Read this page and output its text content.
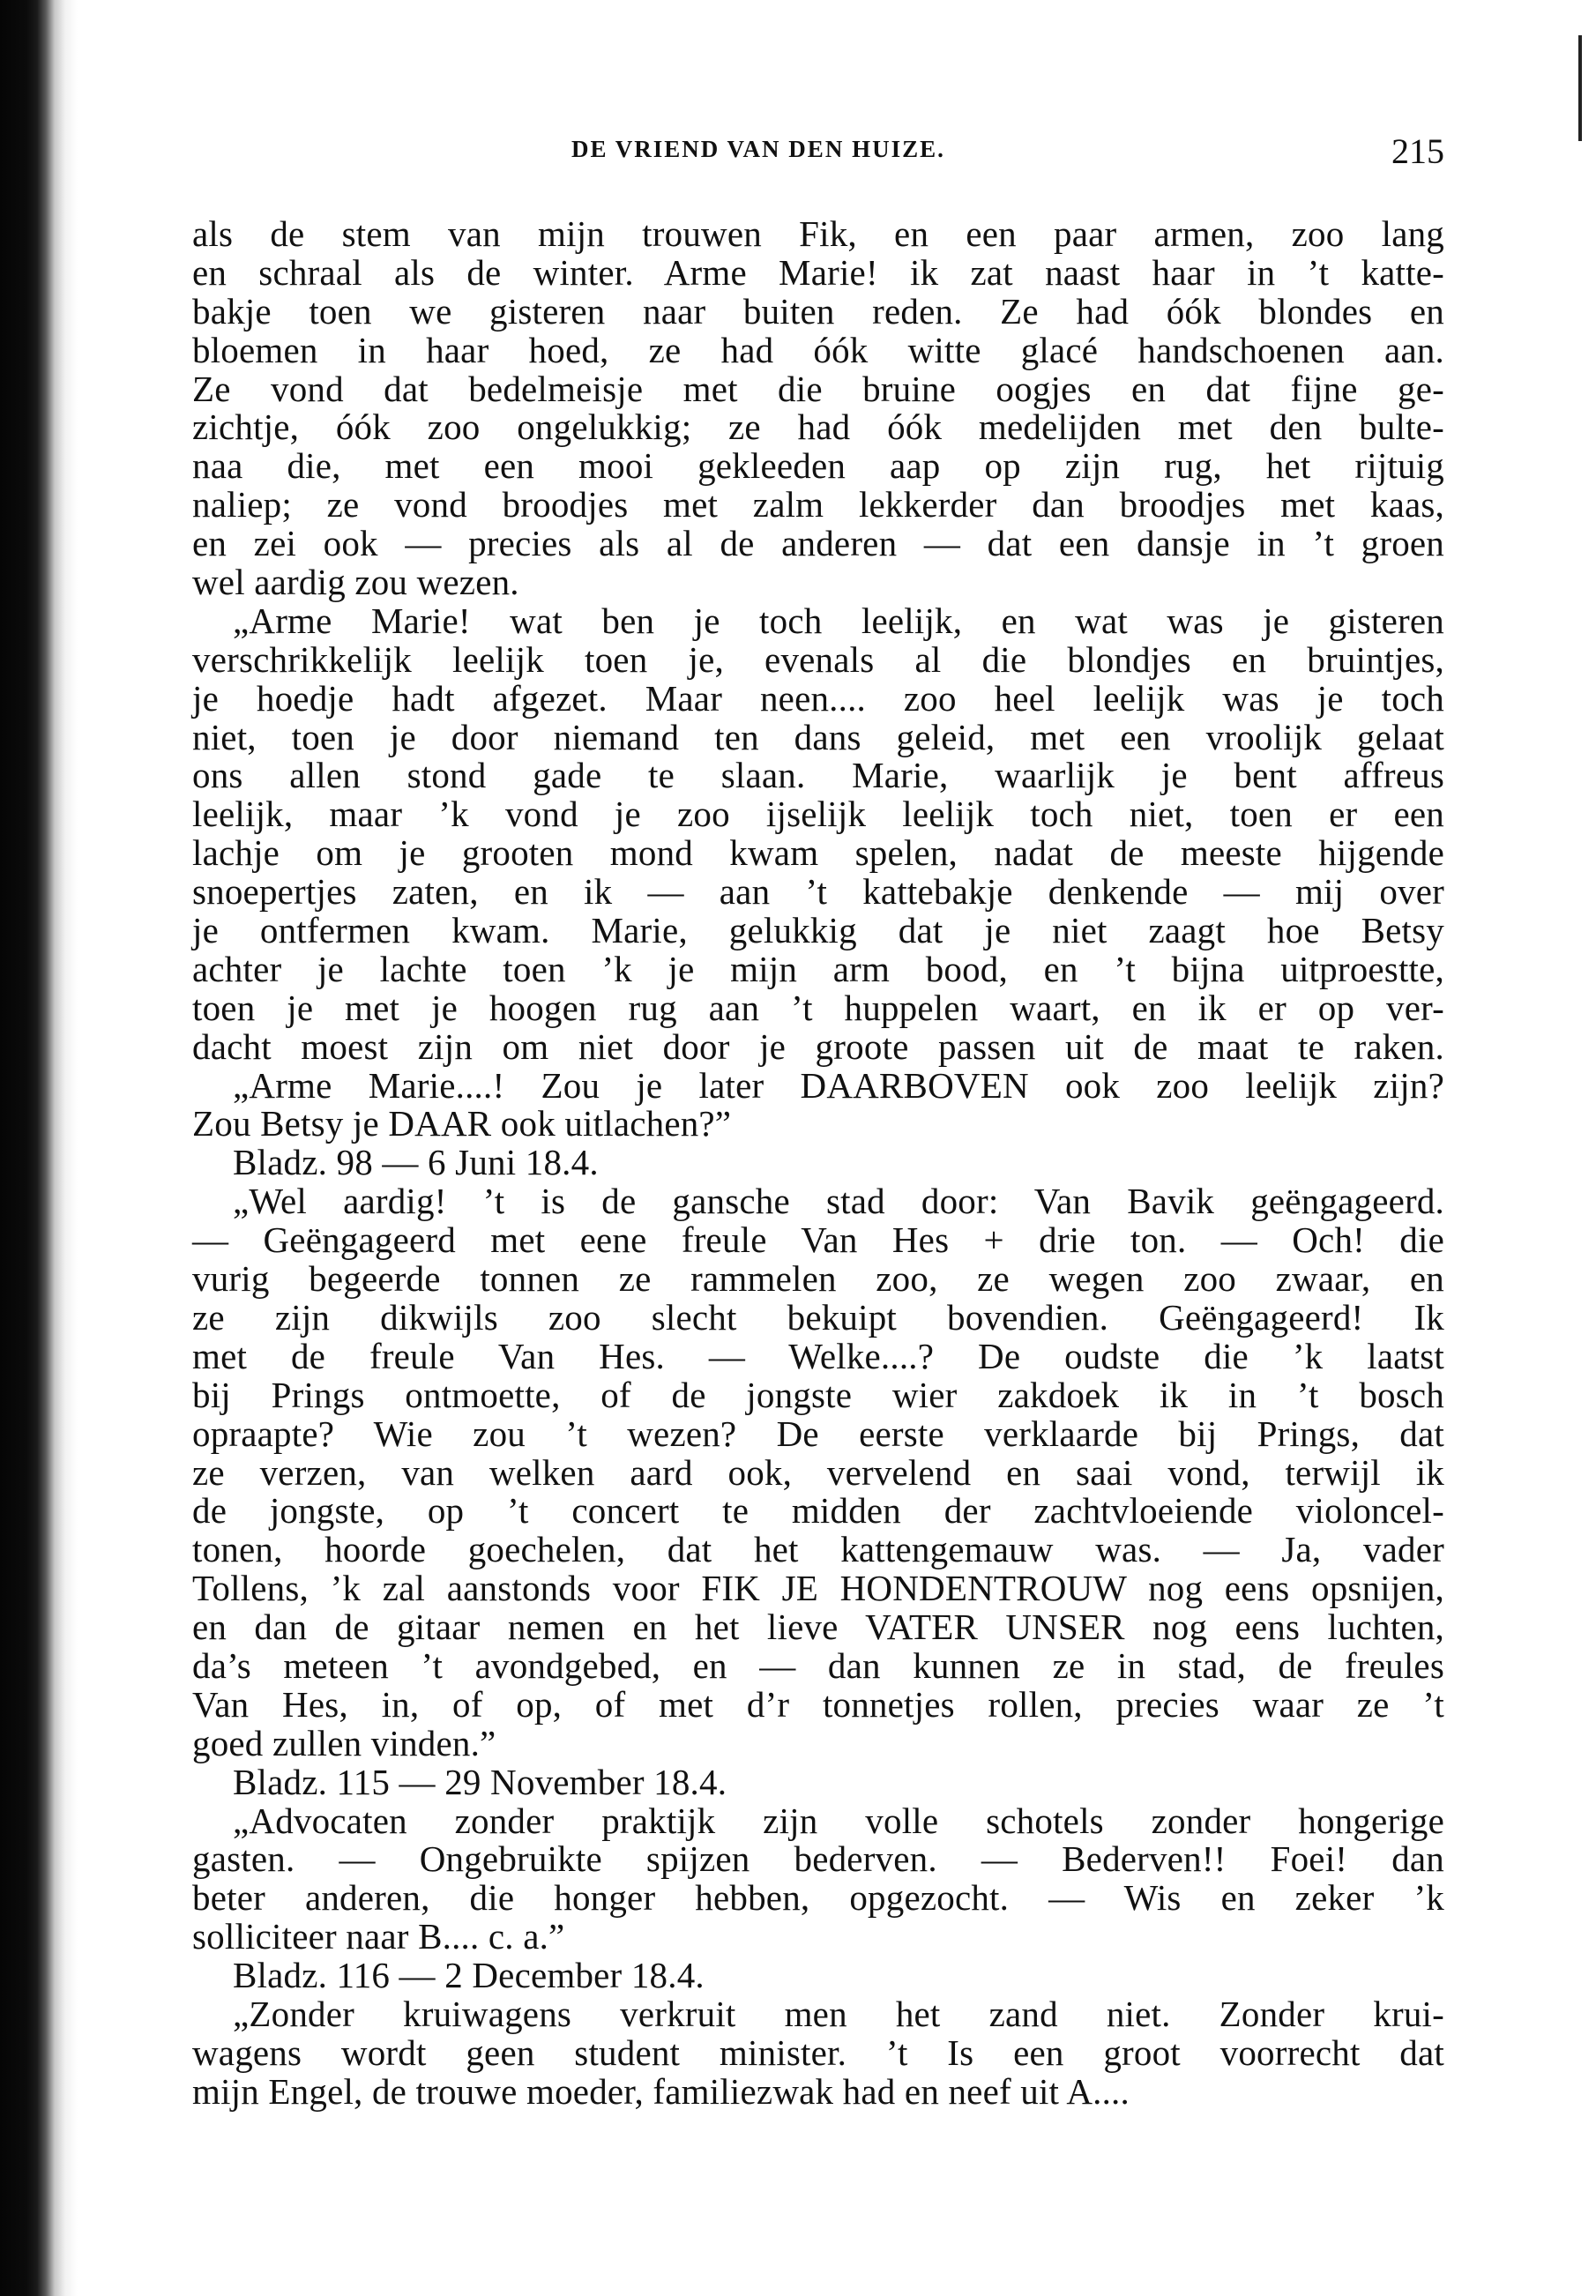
DE VRIEND VAN DEN HUIZE.	215
als de stem van mijn trouwen Fik, en een paar armen, zoo lang
en schraal als de winter. Arme Marie! ik zat naast haar in ’t katte-
bakje toen we gisteren naar buiten reden. Ze had óók blondes en
bloemen in haar hoed, ze had óók witte glacé handschoenen aan.
Ze vond dat bedelmeisje met die bruine oogjes en dat fijne ge-
zichtje, óók zoo ongelukkig; ze had óók medelijden met den bulte-
naa die, met een mooi gekleeden aap op zijn rug, het rijtuig
naliep; ze vond broodjes met zalm lekkerder dan broodjes met kaas,
en zei ook — precies als al de anderen — dat een dansje in ’t groen
wel aardig zou wezen.
„Arme Marie! wat ben je toch leelijk, en wat was je gisteren
verschrikkelijk leelijk toen je, evenals al die blondjes en bruintjes,
je hoedje hadt afgezet. Maar neen.... zoo heel leelijk was je toch
niet, toen je door niemand ten dans geleid, met een vroolijk gelaat
ons allen stond gade te slaan. Marie, waarlijk je bent affreus
leelijk, maar ’k vond je zoo ijselijk leelijk toch niet, toen er een
lachje om je grooten mond kwam spelen, nadat de meeste hijgende
snoepertjes zaten, en ik — aan ’t kattebakje denkende — mij over
je ontfermen kwam. Marie, gelukkig dat je niet zaagt hoe Betsy
achter je lachte toen ’k je mijn arm bood, en ’t bijna uitproestte,
toen je met je hoogen rug aan ’t huppelen waart, en ik er op ver-
dacht moest zijn om niet door je groote passen uit de maat te raken.
„Arme Marie....! Zou je later DAARBOVEN ook zoo leelijk zijn?
Zou Betsy je DAAR ook uitlachen?”
Bladz. 98 — 6 Juni 18.4.
„Wel aardig! ’t is de gansche stad door: Van Bavik geëngageerd.
— Geëngageerd met eene freule Van Hes + drie ton. — Och! die
vurig begeerde tonnen ze rammelen zoo, ze wegen zoo zwaar, en
ze zijn dikwijls zoo slecht bekuipt bovendien. Geëngageerd! Ik
met de freule Van Hes. — Welke....? De oudste die ’k laatst
bij Prings ontmoette, of de jongste wier zakdoek ik in ’t bosch
opraapte? Wie zou ’t wezen? De eerste verklaarde bij Prings, dat
ze verzen, van welken aard ook, vervelend en saai vond, terwijl ik
de jongste, op ’t concert te midden der zachtvloeiende violoncel-
tonen, hoorde goechelen, dat het kattengemauw was. — Ja, vader
Tollens, ’k zal aanstonds voor FIK JE HONDENTROUW nog eens opsnijen,
en dan de gitaar nemen en het lieve VATER UNSER nog eens luchten,
da’s meteen ’t avondgebed, en — dan kunnen ze in stad, de freules
Van Hes, in, of op, of met d’r tonnetjes rollen, precies waar ze ’t
goed zullen vinden.”
Bladz. 115 — 29 November 18.4.
„Advocaten zonder praktijk zijn volle schotels zonder hongerige
gasten. — Ongebruikte spijzen bederven. — Bederven!! Foei! dan
beter anderen, die honger hebben, opgezocht. — Wis en zeker ’k
solliciteer naar B.... c. a.”
Bladz. 116 — 2 December 18.4.
„Zonder kruiwagens verkruit men het zand niet. Zonder krui-
wagens wordt geen student minister. ’t Is een groot voorrecht dat
mijn Engel, de trouwe moeder, familiezwak had en neef uit A....
